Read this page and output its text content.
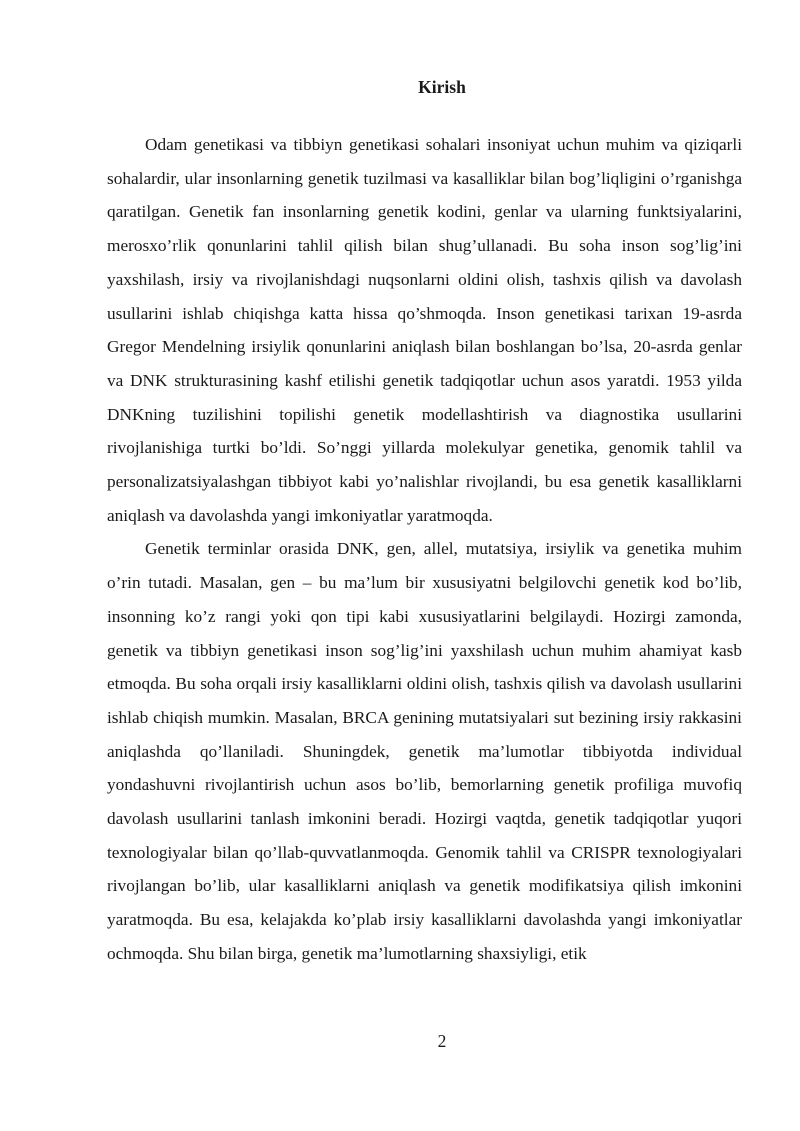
Kirish

Odam genetikasi va tibbiyn genetikasi sohalari insoniyat uchun muhim va qiziqarli sohalardir, ular insonlarning genetik tuzilmasi va kasalliklar bilan bog’liqligini o’rganishga qaratilgan. Genetik fan insonlarning genetik kodini, genlar va ularning funktsiyalarini, merosxo’rlik qonunlarini tahlil qilish bilan shug’ullanadi. Bu soha inson sog’lig’ini yaxshilash, irsiy va rivojlanishdagi nuqsonlarni oldini olish, tashxis qilish va davolash usullarini ishlab chiqishga katta hissa qo’shmoqda. Inson genetikasi tarixan 19-asrda Gregor Mendelning irsiylik qonunlarini aniqlash bilan boshlangan bo’lsa, 20-asrda genlar va DNK strukturasining kashf etilishi genetik tadqiqotlar uchun asos yaratdi. 1953 yilda DNKning tuzilishini topilishi genetik modellashtirish va diagnostika usullarini rivojlanishiga turtki bo’ldi. So’nggi yillarda molekulyar genetika, genomik tahlil va personalizatsiyalashgan tibbiyot kabi yo’nalishlar rivojlandi, bu esa genetik kasalliklarni aniqlash va davolashda yangi imkoniyatlar yaratmoqda.

Genetik terminlar orasida DNK, gen, allel, mutatsiya, irsiylik va genetika muhim o’rin tutadi. Masalan, gen – bu ma’lum bir xususiyatni belgilovchi genetik kod bo’lib, insonning ko’z rangi yoki qon tipi kabi xususiyatlarini belgilaydi. Hozirgi zamonda, genetik va tibbiyn genetikasi inson sog’lig’ini yaxshilash uchun muhim ahamiyat kasb etmoqda. Bu soha orqali irsiy kasalliklarni oldini olish, tashxis qilish va davolash usullarini ishlab chiqish mumkin. Masalan, BRCA genining mutatsiyalari sut bezining irsiy rakkasini aniqlashda qo’llaniladi. Shuningdek, genetik ma’lumotlar tibbiyotda individual yondashuvni rivojlantirish uchun asos bo’lib, bemorlarning genetik profiliga muvofiq davolash usullarini tanlash imkonini beradi. Hozirgi vaqtda, genetik tadqiqotlar yuqori texnologiyalar bilan qo’llab-quvvatlanmoqda. Genomik tahlil va CRISPR texnologiyalari rivojlangan bo’lib, ular kasalliklarni aniqlash va genetik modifikatsiya qilish imkonini yaratmoqda. Bu esa, kelajakda ko’plab irsiy kasalliklarni davolashda yangi imkoniyatlar ochmoqda. Shu bilan birga, genetik ma’lumotlarning shaxsiyligi, etik

2
